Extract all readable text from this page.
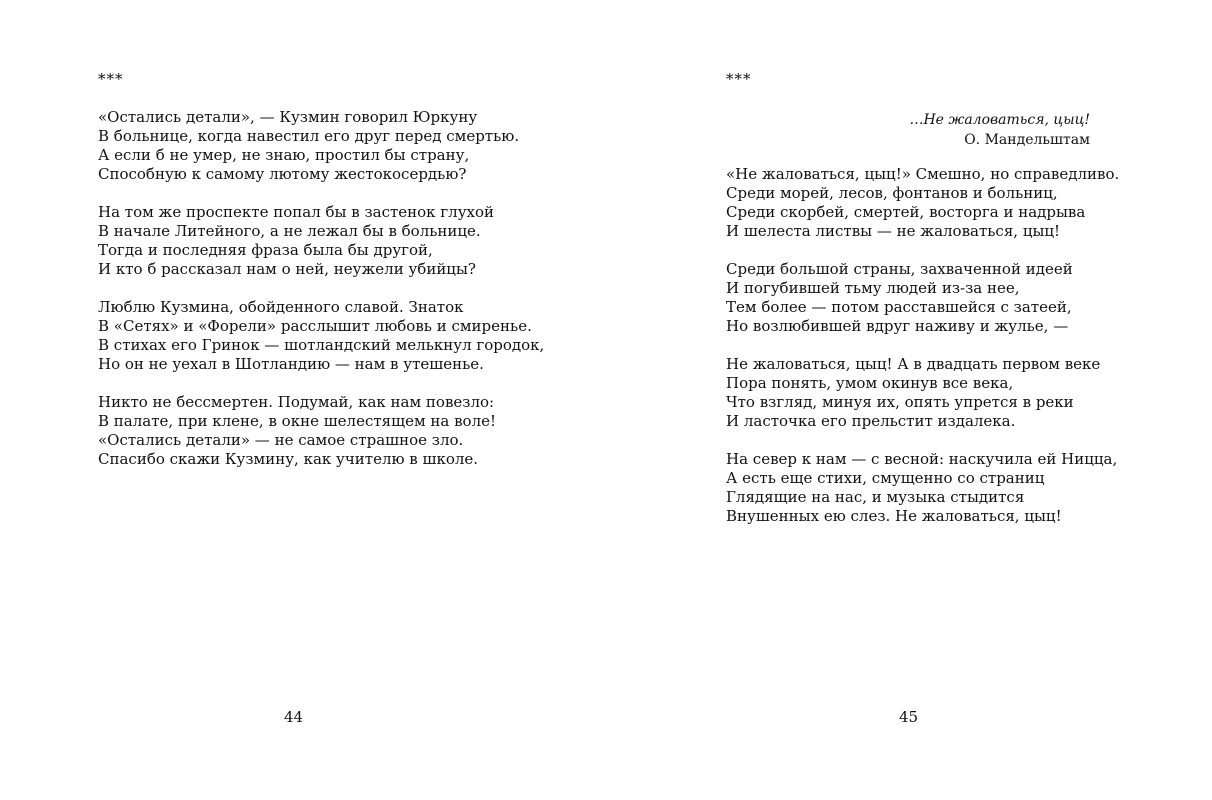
***
«Остались детали», — Кузмин говорил Юркуну
В больнице, когда навестил его друг перед смертью.
А если б не умер, не знаю, простил бы страну,
Способную к самому лютому жестокосердью?
На том же проспекте попал бы в застенок глухой
В начале Литейного, а не лежал бы в больнице.
Тогда и последняя фраза была бы другой,
И кто б рассказал нам о ней, неужели убийцы?
Люблю Кузмина, обойденного славой. Знаток
В «Сетях» и «Форели» расслышит любовь и смиренье.
В стихах его Гринок — шотландский мелькнул городок,
Но он не уехал в Шотландию — нам в утешенье.
Никто не бессмертен. Подумай, как нам повезло:
В палате, при клене, в окне шелестящем на воле!
«Остались детали» — не самое страшное зло.
Спасибо скажи Кузмину, как учителю в школе.
44
***
…Не жаловаться, цыц!
О. Мандельштам
«Не жаловаться, цыц!» Смешно, но справедливо.
Среди морей, лесов, фонтанов и больниц,
Среди скорбей, смертей, восторга и надрыва
И шелеста листвы — не жаловаться, цыц!
Среди большой страны, захваченной идеей
И погубившей тьму людей из-за нее,
Тем более — потом расставшейся с затеей,
Но возлюбившей вдруг наживу и жулье, —
Не жаловаться, цыц! А в двадцать первом веке
Пора понять, умом окинув все века,
Что взгляд, минуя их, опять упрется в реки
И ласточка его прельстит издалека.
На север к нам — с весной: наскучила ей Ницца,
А есть еще стихи, смущенно со страниц
Глядящие на нас, и музыка стыдится
Внушенных ею слез. Не жаловаться, цыц!
45
